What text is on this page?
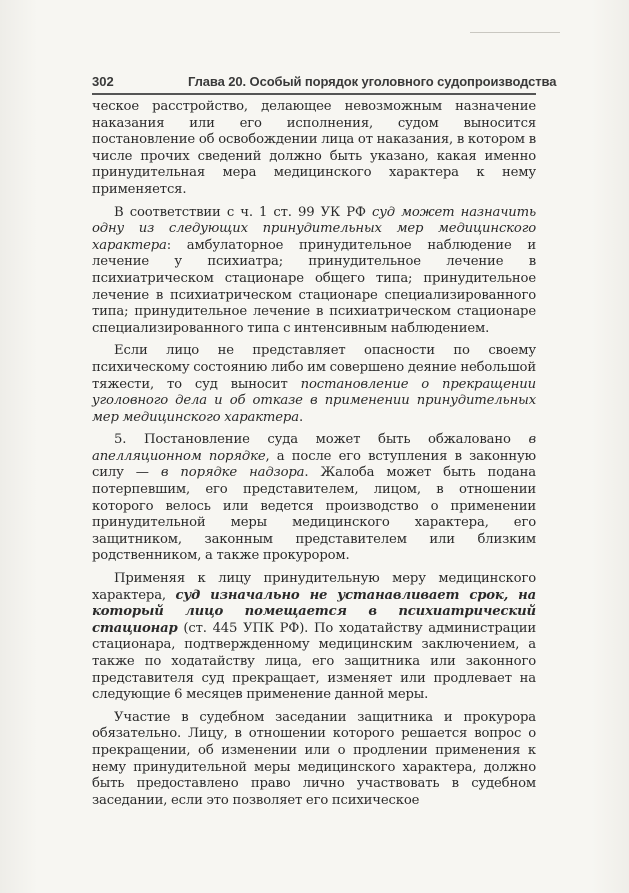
302	Глава 20. Особый порядок уголовного судопроизводства

ческое расстройство, делающее невозможным назначение наказания или его исполнения, судом выносится постановление об освобождении лица от наказания, в котором в числе прочих сведений должно быть указано, какая именно принудительная мера медицинского характера к нему применяется.

В соответствии с ч. 1 ст. 99 УК РФ суд может назначить одну из следующих принудительных мер медицинского характера: амбулаторное принудительное наблюдение и лечение у психиатра; принудительное лечение в психиатрическом стационаре общего типа; принудительное лечение в психиатрическом стационаре специализированного типа; принудительное лечение в психиатрическом стационаре специализированного типа с интенсивным наблюдением.

Если лицо не представляет опасности по своему психическому состоянию либо им совершено деяние небольшой тяжести, то суд выносит постановление о прекращении уголовного дела и об отказе в применении принудительных мер медицинского характера.

5. Постановление суда может быть обжаловано в апелляционном порядке, а после его вступления в законную силу — в порядке надзора. Жалоба может быть подана потерпевшим, его представителем, лицом, в отношении которого велось или ведется производство о применении принудительной меры медицинского характера, его защитником, законным представителем или близким родственником, а также прокурором.

Применяя к лицу принудительную меру медицинского характера, суд изначально не устанавливает срок, на который лицо помещается в психиатрический стационар (ст. 445 УПК РФ). По ходатайству администрации стационара, подтвержденному медицинским заключением, а также по ходатайству лица, его защитника или законного представителя суд прекращает, изменяет или продлевает на следующие 6 месяцев применение данной меры.

Участие в судебном заседании защитника и прокурора обязательно. Лицу, в отношении которого решается вопрос о прекращении, об изменении или о продлении применения к нему принудительной меры медицинского характера, должно быть предоставлено право лично участвовать в судебном заседании, если это позволяет его психическое
